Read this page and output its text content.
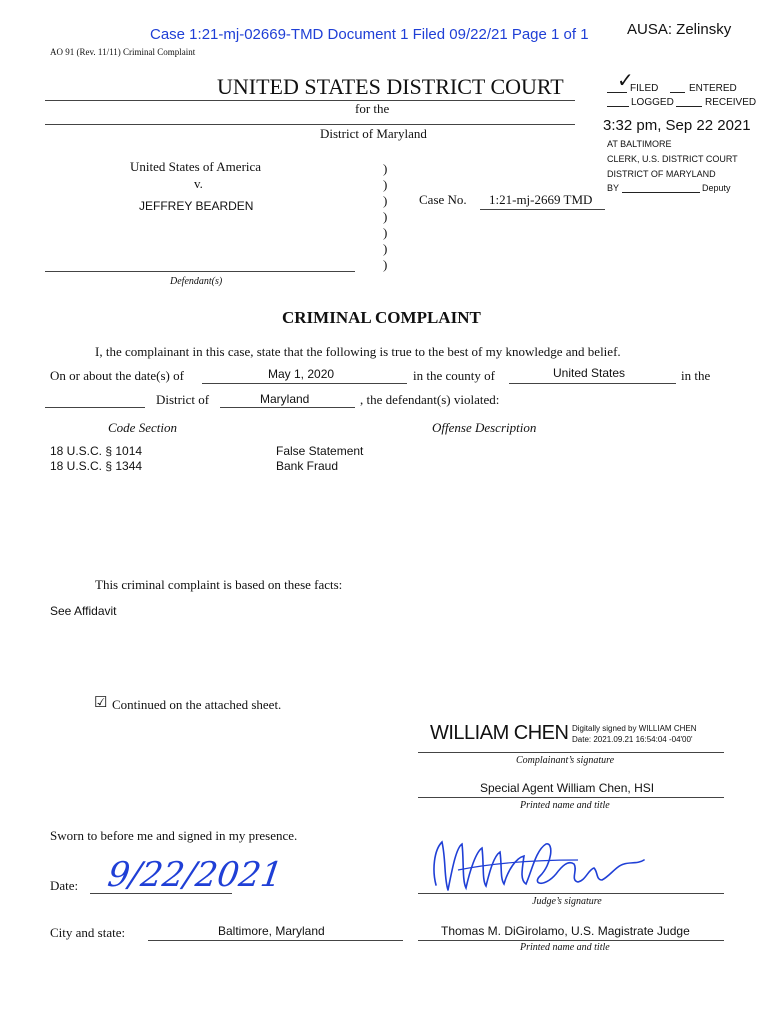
Case 1:21-mj-02669-TMD Document 1 Filed 09/22/21 Page 1 of 1	AUSA: Zelinsky
AO 91 (Rev. 11/11) Criminal Complaint
UNITED STATES DISTRICT COURT
for the
District of Maryland
✓
FILED	ENTERED
LOGGED	RECEIVED
3:32 pm, Sep 22 2021
AT BALTIMORE
CLERK, U.S. DISTRICT COURT
DISTRICT OF MARYLAND
BY	Deputy
United States of America
v.
JEFFREY BEARDEN
Defendant(s)
)
)
)
)
)
)
)
Case No. 1:21-mj-2669 TMD
CRIMINAL COMPLAINT
I, the complainant in this case, state that the following is true to the best of my knowledge and belief.
On or about the date(s) of	May 1, 2020	in the county of	United States	in the
District of	Maryland	, the defendant(s) violated:
Code Section	Offense Description
18 U.S.C. § 1014	False Statement
18 U.S.C. § 1344	Bank Fraud
This criminal complaint is based on these facts:
See Affidavit
☑ Continued on the attached sheet.
WILLIAM CHEN Digitally signed by WILLIAM CHEN
Date: 2021.09.21 16:54:04 -04'00'
Complainant’s signature
Special Agent William Chen, HSI
Printed name and title
Sworn to before me and signed in my presence.
Date: 9/22/2021
Judge’s signature
City and state:	Baltimore, Maryland	Thomas M. DiGirolamo, U.S. Magistrate Judge
Printed name and title
